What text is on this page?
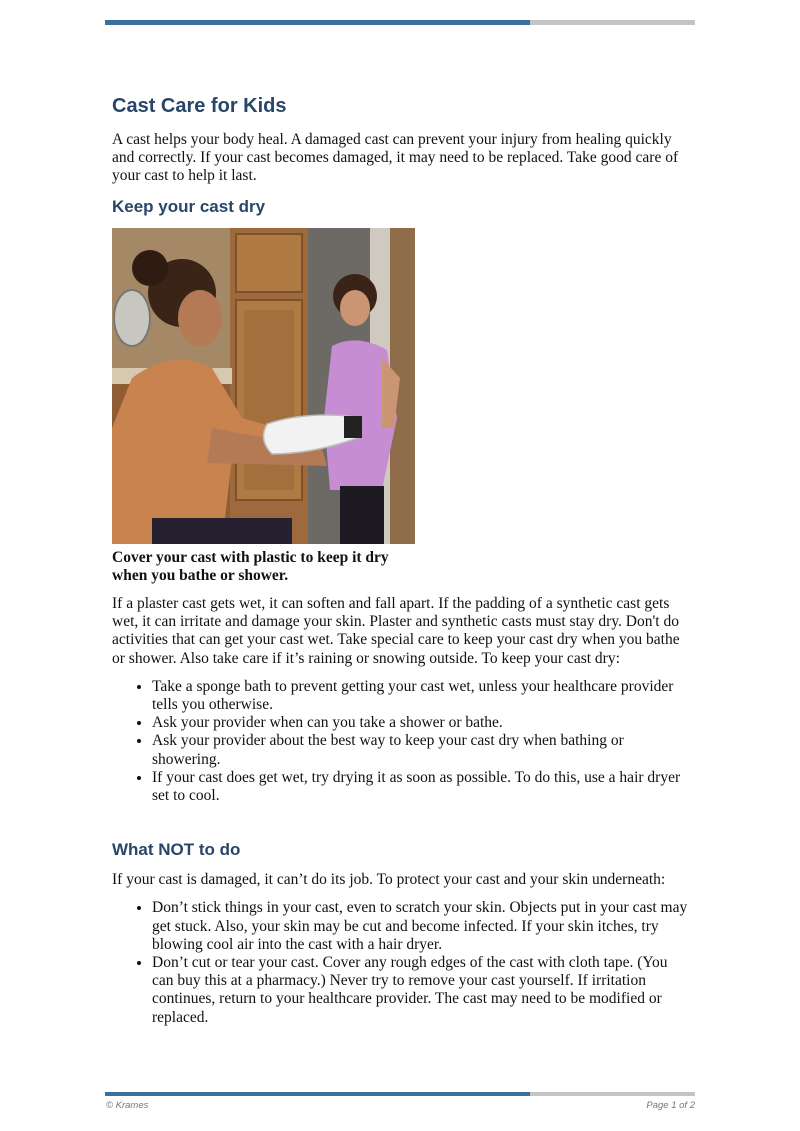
Cast Care for Kids

A cast helps your body heal. A damaged cast can prevent your injury from healing quickly and correctly. If your cast becomes damaged, it may need to be replaced. Take good care of your cast to help it last.

Keep your cast dry
Cover your cast with plastic to keep it dry when you bathe or shower.

If a plaster cast gets wet, it can soften and fall apart. If the padding of a synthetic cast gets wet, it can irritate and damage your skin. Plaster and synthetic casts must stay dry. Don't do activities that can get your cast wet. Take special care to keep your cast dry when you bathe or shower. Also take care if it’s raining or snowing outside. To keep your cast dry:

• Take a sponge bath to prevent getting your cast wet, unless your healthcare provider tells you otherwise.
• Ask your provider when can you take a shower or bathe.
• Ask your provider about the best way to keep your cast dry when bathing or showering.
• If your cast does get wet, try drying it as soon as possible. To do this, use a hair dryer set to cool.
What NOT to do

If your cast is damaged, it can’t do its job. To protect your cast and your skin underneath:

• Don’t stick things in your cast, even to scratch your skin. Objects put in your cast may get stuck. Also, your skin may be cut and become infected. If your skin itches, try blowing cool air into the cast with a hair dryer.
• Don’t cut or tear your cast. Cover any rough edges of the cast with cloth tape. (You can buy this at a pharmacy.) Never try to remove your cast yourself. If irritation continues, return to your healthcare provider. The cast may need to be modified or replaced.
© Krames	Page 1 of 2
